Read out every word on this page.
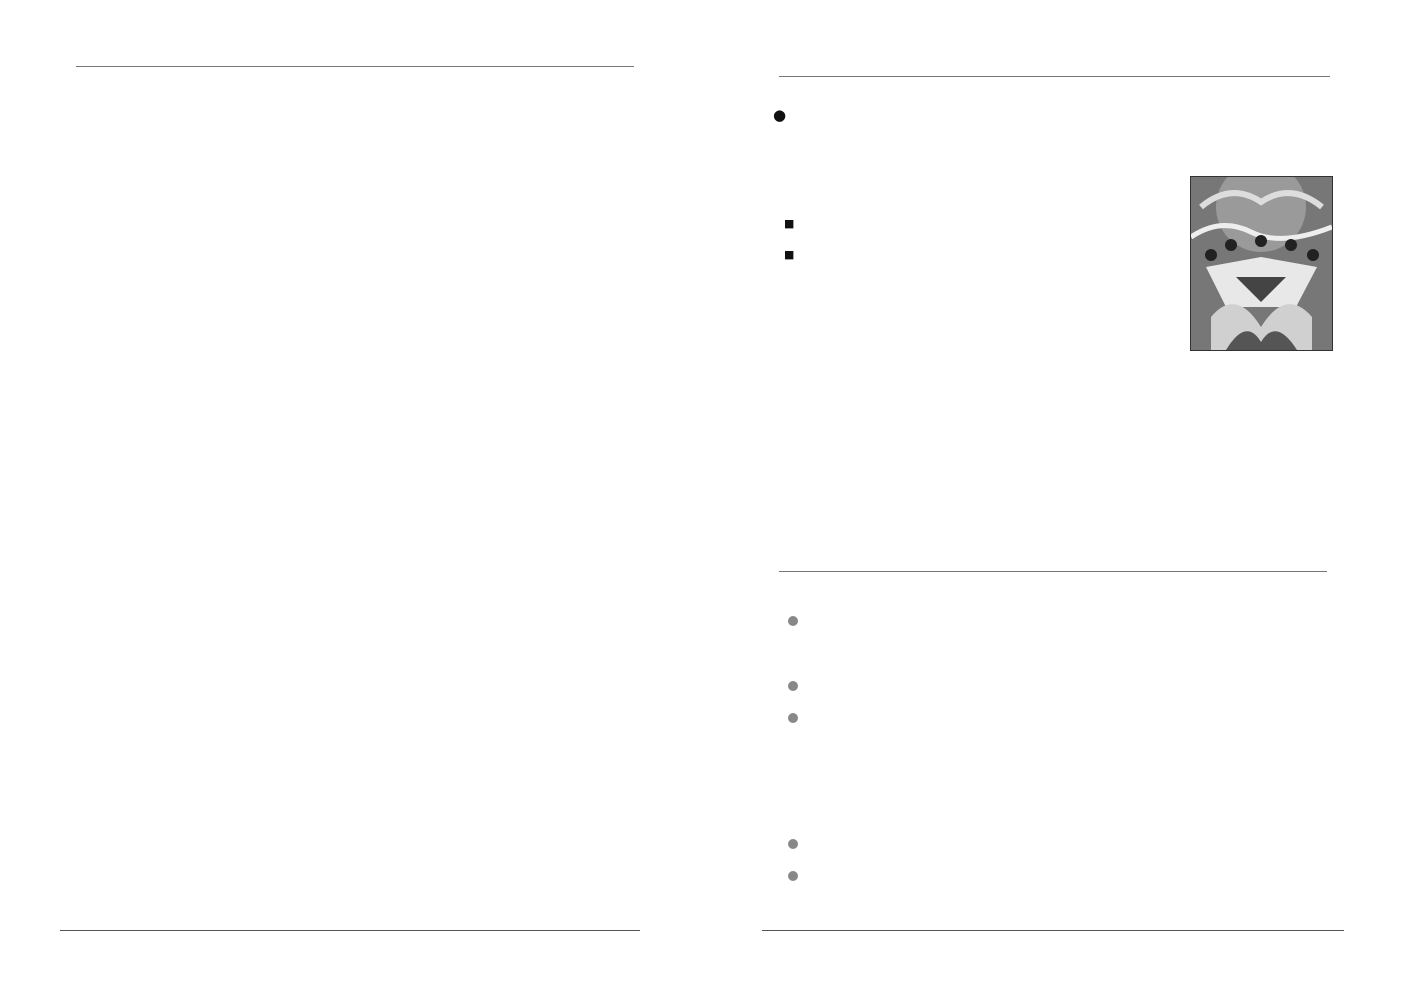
●
■
■
